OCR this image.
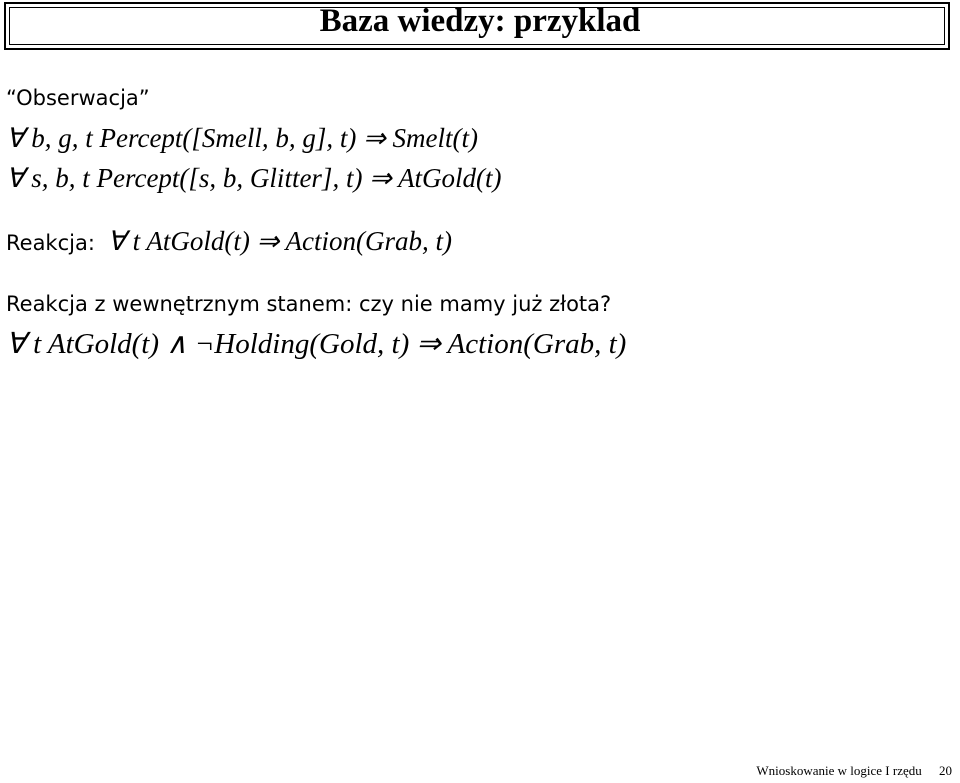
Baza wiedzy: przyklad
“Obserwacja”
∀ b, g, t Percept([Smell, b, g], t) ⇒ Smelt(t)
∀ s, b, t Percept([s, b, Glitter], t) ⇒ AtGold(t)
Reakcja: ∀ t AtGold(t) ⇒ Action(Grab, t)
Reakcja z wewnętrznym stanem: czy nie mamy już złota?
∀ t AtGold(t) ∧ ¬Holding(Gold, t) ⇒ Action(Grab, t)
Wnioskowanie w logice I rzędu 20
